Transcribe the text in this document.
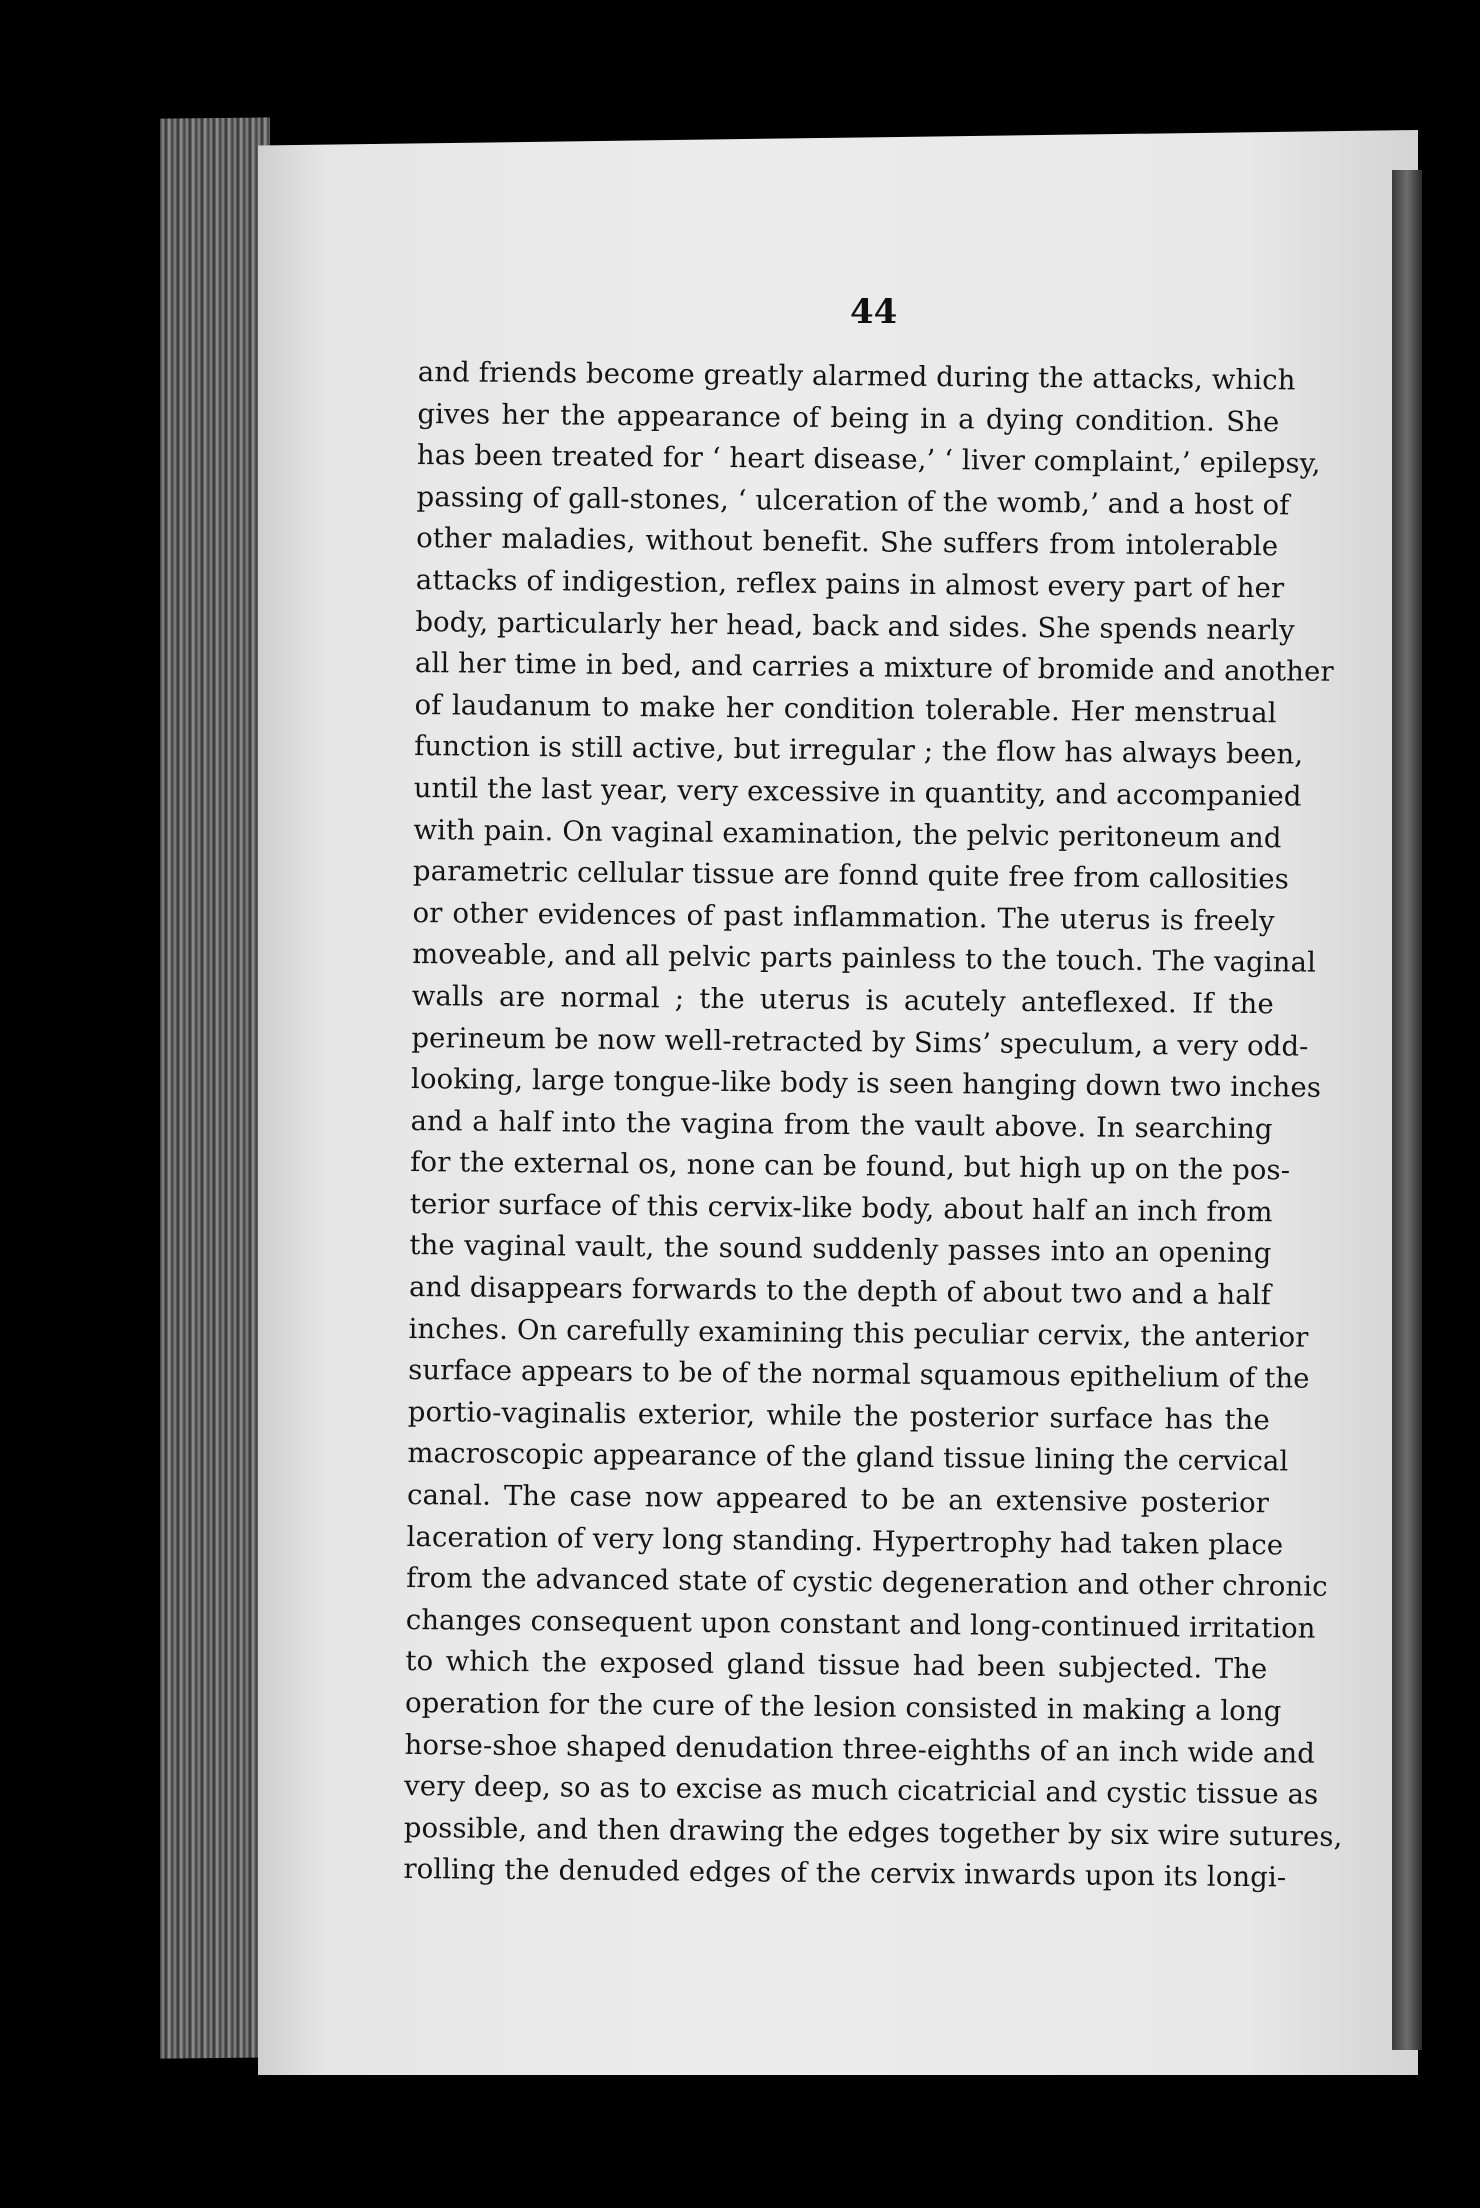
44
and friends become greatly alarmed during the attacks, which
gives her the appearance of being in a dying condition. She
has been treated for ‘ heart disease,’ ‘ liver complaint,’ epilepsy,
passing of gall-stones, ‘ ulceration of the womb,’ and a host of
other maladies, without benefit. She suffers from intolerable
attacks of indigestion, reflex pains in almost every part of her
body, particularly her head, back and sides. She spends nearly
all her time in bed, and carries a mixture of bromide and another
of laudanum to make her condition tolerable. Her menstrual
function is still active, but irregular ; the flow has always been,
until the last year, very excessive in quantity, and accompanied
with pain. On vaginal examination, the pelvic peritoneum and
parametric cellular tissue are fonnd quite free from callosities
or other evidences of past inflammation. The uterus is freely
moveable, and all pelvic parts painless to the touch. The vaginal
walls are normal ; the uterus is acutely anteflexed. If the
perineum be now well-retracted by Sims’ speculum, a very odd-
looking, large tongue-like body is seen hanging down two inches
and a half into the vagina from the vault above. In searching
for the external os, none can be found, but high up on the pos-
terior surface of this cervix-like body, about half an inch from
the vaginal vault, the sound suddenly passes into an opening
and disappears forwards to the depth of about two and a half
inches. On carefully examining this peculiar cervix, the anterior
surface appears to be of the normal squamous epithelium of the
portio-vaginalis exterior, while the posterior surface has the
macroscopic appearance of the gland tissue lining the cervical
canal. The case now appeared to be an extensive posterior
laceration of very long standing. Hypertrophy had taken place
from the advanced state of cystic degeneration and other chronic
changes consequent upon constant and long-continued irritation
to which the exposed gland tissue had been subjected. The
operation for the cure of the lesion consisted in making a long
horse-shoe shaped denudation three-eighths of an inch wide and
very deep, so as to excise as much cicatricial and cystic tissue as
possible, and then drawing the edges together by six wire sutures,
rolling the denuded edges of the cervix inwards upon its longi-
